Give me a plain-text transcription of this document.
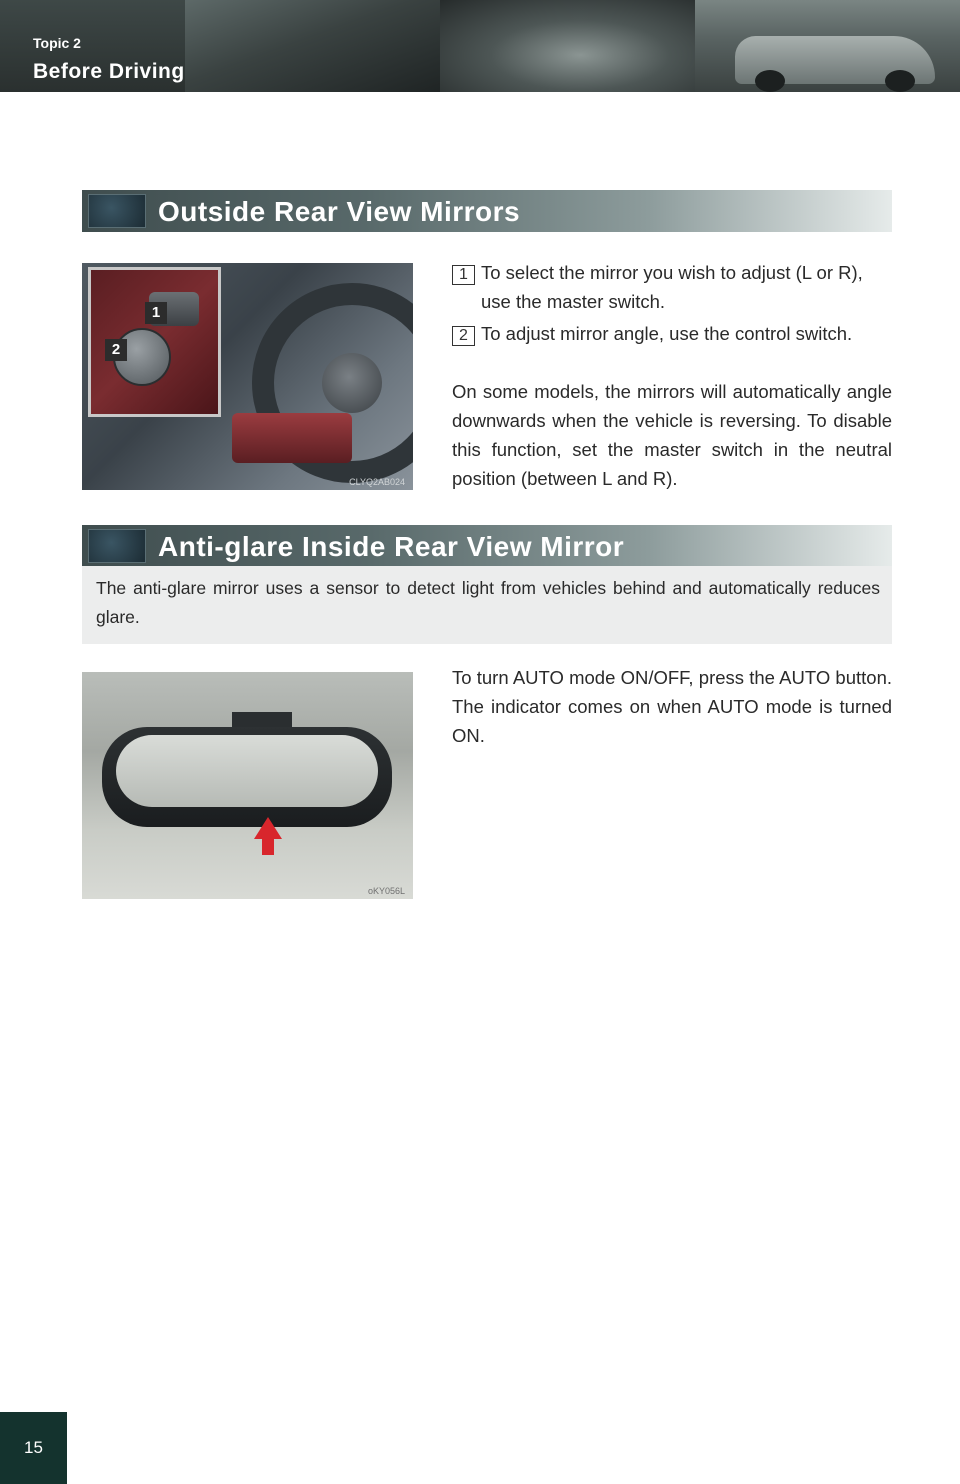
Topic 2
Before Driving
Outside Rear View Mirrors
1
2
CLYQ2AB024
1 To select the mirror you wish to adjust (L or R), use the master switch.
2 To adjust mirror angle, use the control switch.
On some models, the mirrors will automatically angle downwards when the vehicle is reversing. To disable this function, set the master switch in the neutral position (between L and R).
Anti-glare Inside Rear View Mirror
The anti-glare mirror uses a sensor to detect light from vehicles behind and automatically reduces glare.
oKY056L
To turn AUTO mode ON/OFF, press the AUTO button. The indicator comes on when AUTO mode is turned ON.
15
